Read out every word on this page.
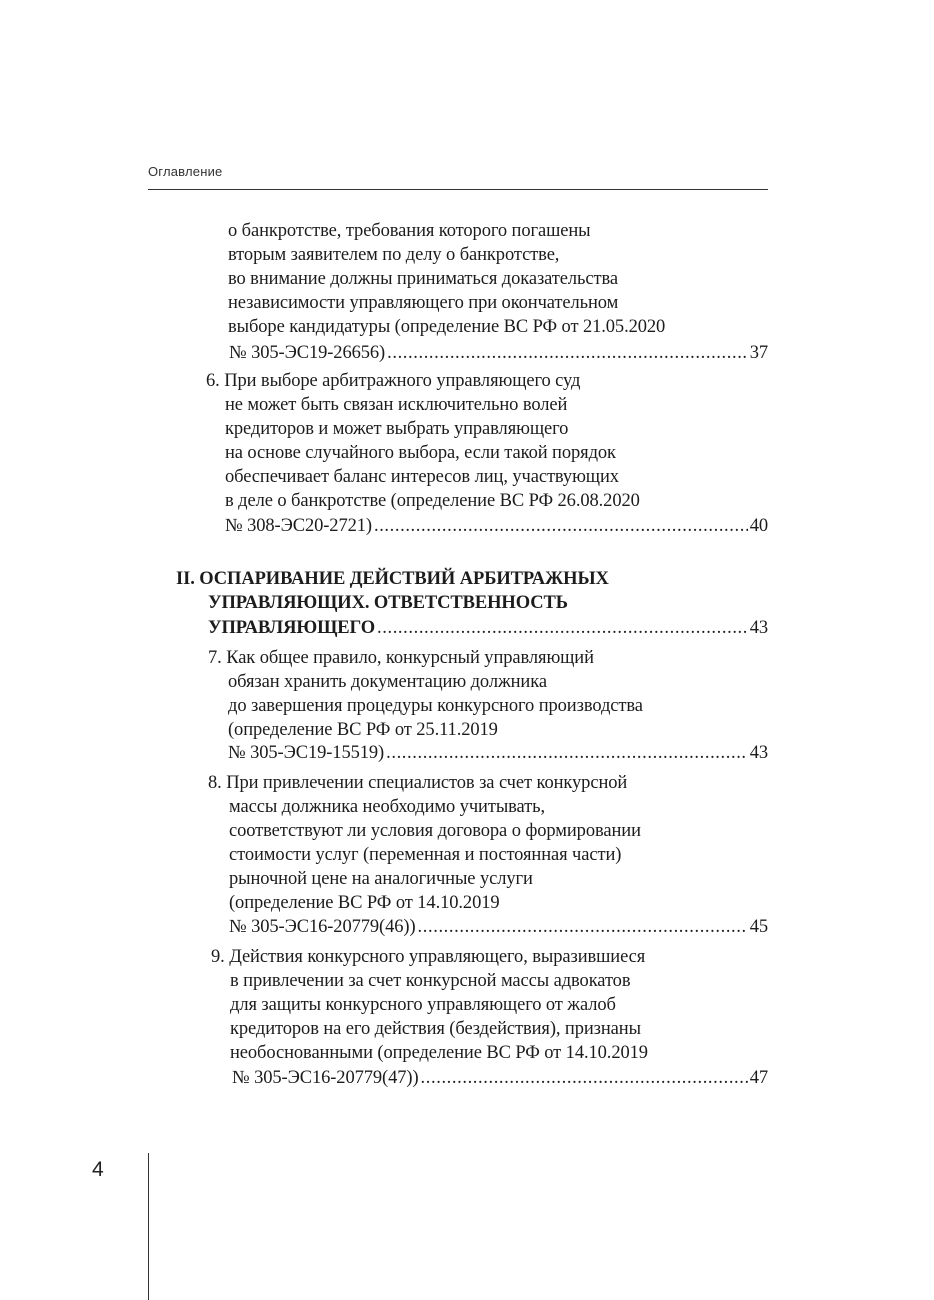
Оглавление
о банкротстве, требования которого погашены
вторым заявителем по делу о банкротстве,
во внимание должны приниматься доказательства
независимости управляющего при окончательном
выборе кандидатуры (определение ВС РФ от 21.05.2020
№ 305-ЭС19-26656) .....	37
6. При выборе арбитражного управляющего суд
не может быть связан исключительно волей
кредиторов и может выбрать управляющего
на основе случайного выбора, если такой порядок
обеспечивает баланс интересов лиц, участвующих
в деле о банкротстве (определение ВС РФ 26.08.2020
№ 308-ЭС20-2721) .....	40
II. ОСПАРИВАНИЕ ДЕЙСТВИЙ АРБИТРАЖНЫХ
УПРАВЛЯЮЩИХ. ОТВЕТСТВЕННОСТЬ
УПРАВЛЯЮЩЕГО .....	43
7. Как общее правило, конкурсный управляющий
обязан хранить документацию должника
до завершения процедуры конкурсного производства
(определение ВС РФ от 25.11.2019
№ 305-ЭС19-15519) .....	43
8. При привлечении специалистов за счет конкурсной
массы должника необходимо учитывать,
соответствуют ли условия договора о формировании
стоимости услуг (переменная и постоянная части)
рыночной цене на аналогичные услуги
(определение ВС РФ от 14.10.2019
№ 305-ЭС16-20779(46)) .....	45
9. Действия конкурсного управляющего, выразившиеся
в привлечении за счет конкурсной массы адвокатов
для защиты конкурсного управляющего от жалоб
кредиторов на его действия (бездействия), признаны
необоснованными (определение ВС РФ от 14.10.2019
№ 305-ЭС16-20779(47)) .....	47
4
